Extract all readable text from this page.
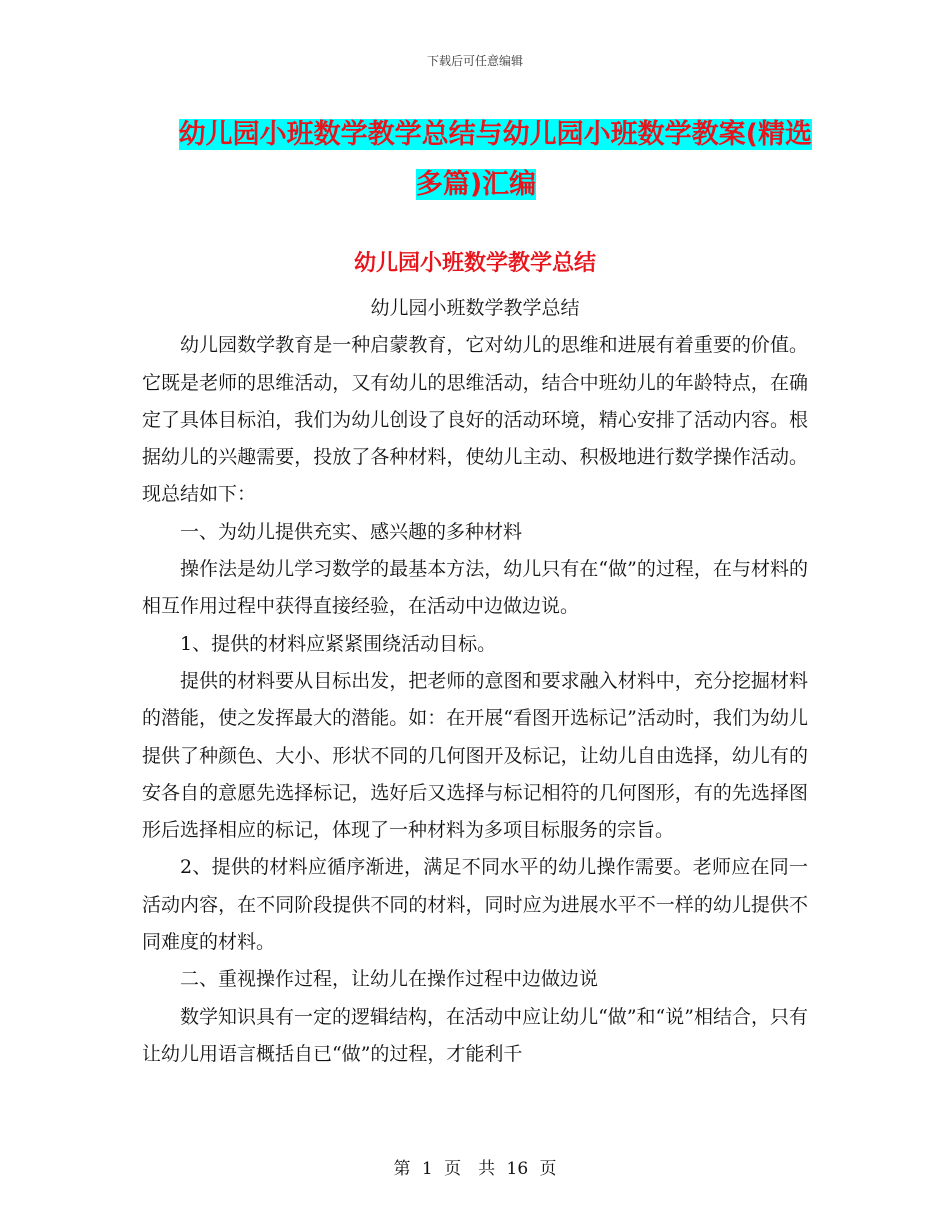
下载后可任意编辑
幼儿园小班数学教学总结与幼儿园小班数学教案(精选
多篇)汇编
幼儿园小班数学教学总结

幼儿园小班数学教学总结

幼儿园数学教育是一种启蒙教育，它对幼儿的思维和进展有着重要的价值。它既是老师的思维活动，又有幼儿的思维活动，结合中班幼儿的年龄特点，在确定了具体目标泊，我们为幼儿创设了良好的活动环境，精心安排了活动内容。根据幼儿的兴趣需要，投放了各种材料，使幼儿主动、积极地进行数学操作活动。现总结如下：

一、为幼儿提供充实、感兴趣的多种材料

操作法是幼儿学习数学的最基本方法，幼儿只有在“做”的过程，在与材料的相互作用过程中获得直接经验，在活动中边做边说。

1、提供的材料应紧紧围绕活动目标。

提供的材料要从目标出发，把老师的意图和要求融入材料中，充分挖掘材料的潜能，使之发挥最大的潜能。如：在开展“看图开选标记”活动时，我们为幼儿提供了种颜色、大小、形状不同的几何图开及标记，让幼儿自由选择，幼儿有的安各自的意愿先选择标记，选好后又选择与标记相符的几何图形，有的先选择图形后选择相应的标记，体现了一种材料为多项目标服务的宗旨。

2、提供的材料应循序渐进，满足不同水平的幼儿操作需要。老师应在同一活动内容，在不同阶段提供不同的材料，同时应为进展水平不一样的幼儿提供不同难度的材料。

二、重视操作过程，让幼儿在操作过程中边做边说

数学知识具有一定的逻辑结构，在活动中应让幼儿“做”和“说”相结合，只有让幼儿用语言概括自已“做”的过程，才能利千

第 1 页　共 16 页
